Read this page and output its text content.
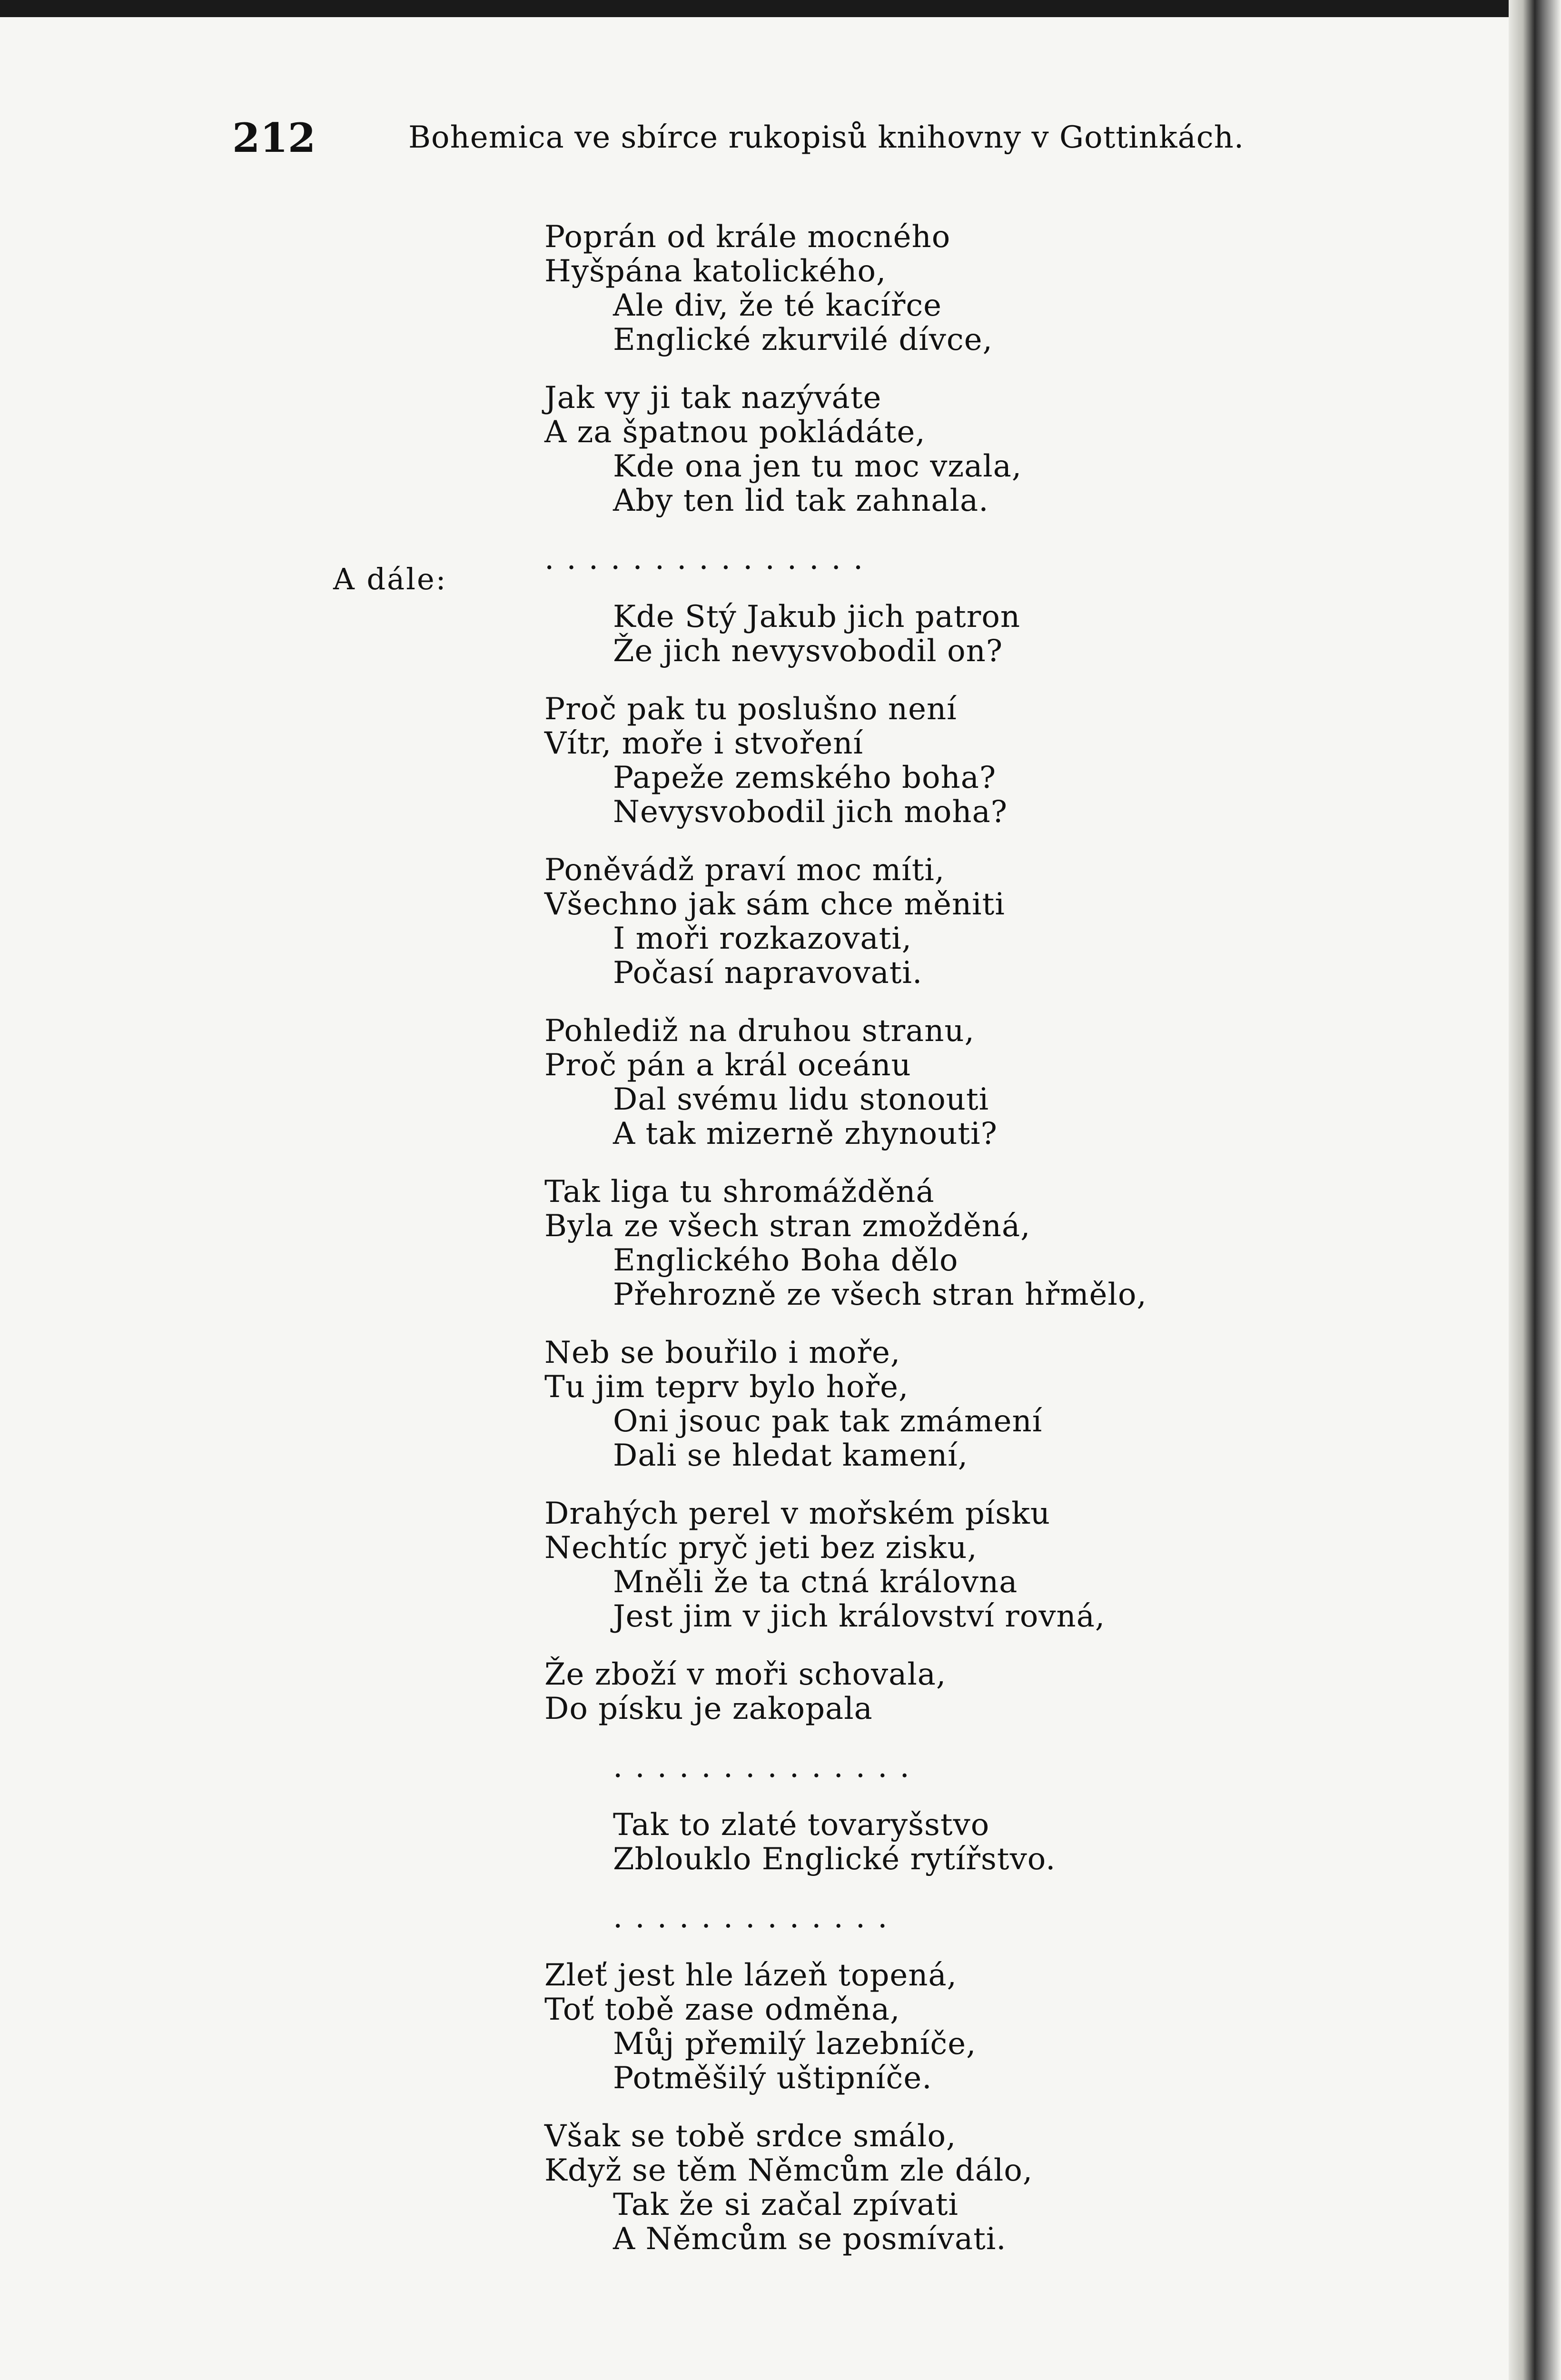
212	Bohemica ve sbírce rukopisů knihovny v Gottinkách.
A dále:
Poprán od krále mocného
Hyšpána katolického,
Ale div, že té kacířce
Englické zkurvilé dívce,
Jak vy ji tak nazýváte
A za špatnou pokládáte,
Kde ona jen tu moc vzala,
Aby ten lid tak zahnala.
...............
Kde Stý Jakub jich patron
Že jich nevysvobodil on?
Proč pak tu poslušno není
Vítr, moře i stvoření
Papeže zemského boha?
Nevysvobodil jich moha?
Poněvádž praví moc míti,
Všechno jak sám chce měniti
I moři rozkazovati,
Počasí napravovati.
Pohlediž na druhou stranu,
Proč pán a král oceánu
Dal svému lidu stonouti
A tak mizerně zhynouti?
Tak liga tu shromážděná
Byla ze všech stran zmožděná,
Englického Boha dělo
Přehrozně ze všech stran hřmělo,
Neb se bouřilo i moře,
Tu jim teprv bylo hoře,
Oni jsouc pak tak zmámení
Dali se hledat kamení,
Drahých perel v mořském písku
Nechtíc pryč jeti bez zisku,
Mněli že ta ctná královna
Jest jim v jich království rovná,
Že zboží v moři schovala,
Do písku je zakopala
..............
Tak to zlaté tovaryšstvo
Zblouklo Englické rytířstvo.
.............
Zleť jest hle lázeň topená,
Toť tobě zase odměna,
Můj přemilý lazebníče,
Potměšilý uštipníče.
Však se tobě srdce smálo,
Když se těm Němcům zle dálo,
Tak že si začal zpívati
A Němcům se posmívati.
